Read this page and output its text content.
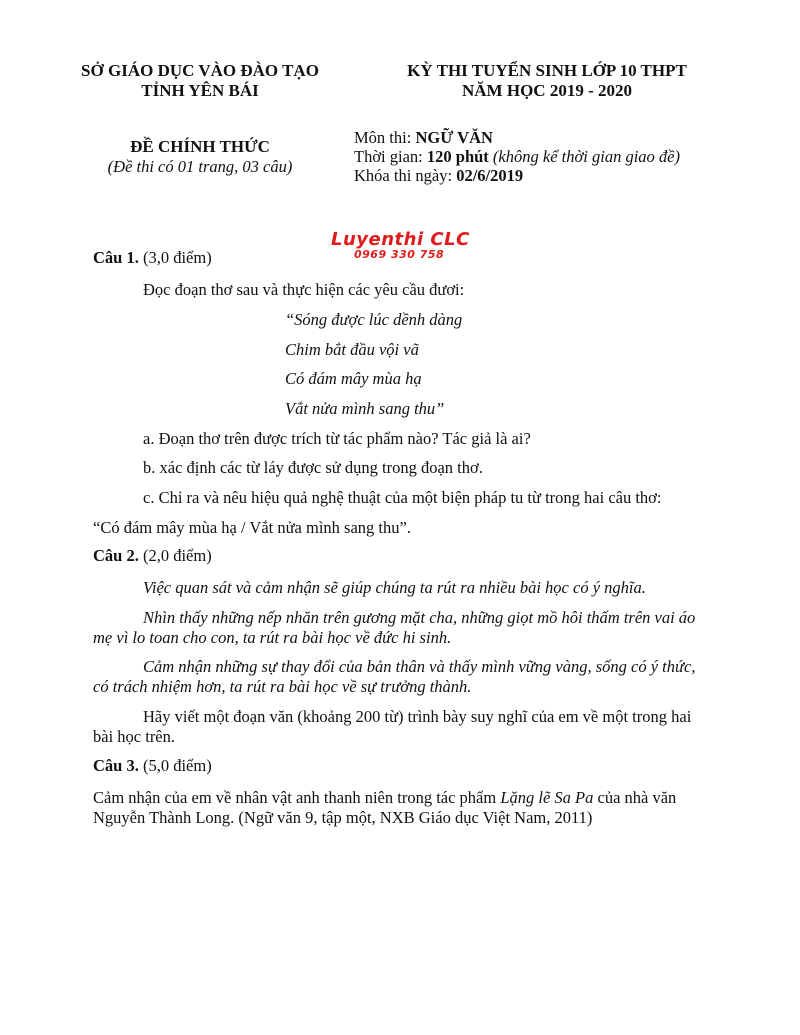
SỞ GIÁO DỤC VÀO ĐÀO TẠO
TỈNH YÊN BÁI
KỲ THI TUYỂN SINH LỚP 10 THPT
NĂM HỌC 2019 - 2020
ĐỀ CHÍNH THỨC
(Đề thi có 01 trang, 03 câu)
Môn thi: NGỮ VĂN
Thời gian: 120 phút (không kể thời gian giao đề)
Khóa thi ngày: 02/6/2019
Luyenthi CLC
0969 330 758
Câu 1. (3,0 điểm)
Đọc đoạn thơ sau và thực hiện các yêu cầu đươi:
“Sóng được lúc dềnh dàng
Chim bắt đầu vội vã
Có đám mây mùa hạ
Vắt nửa mình sang thu”
a. Đoạn thơ trên được trích từ tác phẩm nào? Tác giả là ai?
b. xác định các từ láy được sử dụng trong đoạn thơ.
c. Chỉ ra và nêu hiệu quả nghệ thuật của một biện pháp tu từ trong hai câu thơ:
“Có đám mây mùa hạ / Vắt nửa mình sang thu”.
Câu 2. (2,0 điểm)
Việc quan sát và cảm nhận sẽ giúp chúng ta rút ra nhiều bài học có ý nghĩa.
Nhìn thấy những nếp nhăn trên gương mặt cha, những giọt mồ hôi thấm trên vai áo
mẹ vì lo toan cho con, ta rút ra bài học về đức hi sinh.
Cảm nhận những sự thay đổi của bản thân và thấy mình vững vàng, sống có ý thức,
có trách nhiệm hơn, ta rút ra bài học về sự trưởng thành.
Hãy viết một đoạn văn (khoảng 200 từ) trình bày suy nghĩ của em về một trong hai
bài học trên.
Câu 3. (5,0 điểm)
Cảm nhận của em về nhân vật anh thanh niên trong tác phẩm Lặng lẽ Sa Pa của nhà văn
Nguyễn Thành Long. (Ngữ văn 9, tập một, NXB Giáo dục Việt Nam, 2011)
